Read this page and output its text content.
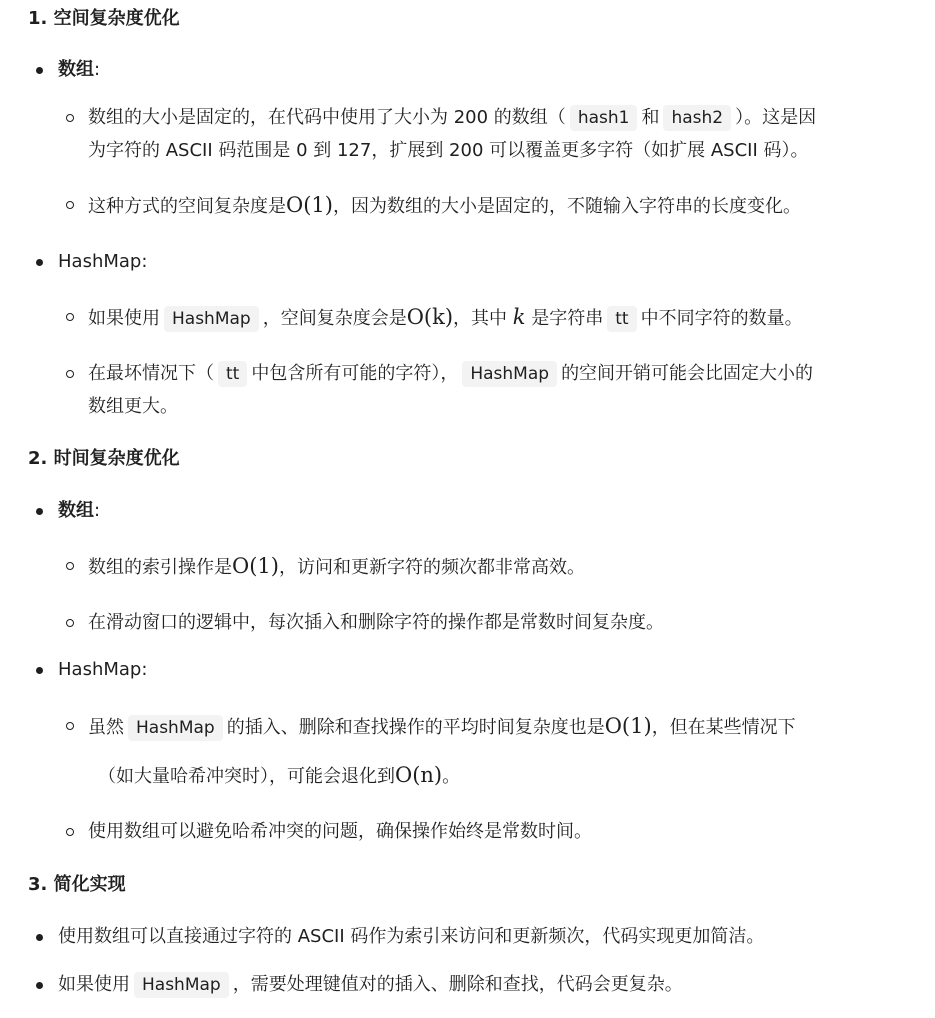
1. 空间复杂度优化
数组:
数组的大小是固定的，在代码中使用了大小为 200 的数组（ hash1 和 hash2 ）。这是因
为字符的 ASCII 码范围是 0 到 127，扩展到 200 可以覆盖更多字符（如扩展 ASCII 码）。
这种方式的空间复杂度是O(1)，因为数组的大小是固定的，不随输入字符串的长度变化。
HashMap:
如果使用 HashMap ，空间复杂度会是O(k)，其中 k 是字符串 tt 中不同字符的数量。
在最坏情况下（ tt 中包含所有可能的字符）， HashMap 的空间开销可能会比固定大小的
数组更大。
2. 时间复杂度优化
数组:
数组的索引操作是O(1)，访问和更新字符的频次都非常高效。
在滑动窗口的逻辑中，每次插入和删除字符的操作都是常数时间复杂度。
HashMap:
虽然 HashMap 的插入、删除和查找操作的平均时间复杂度也是O(1)，但在某些情况下
（如大量哈希冲突时），可能会退化到O(n)。
使用数组可以避免哈希冲突的问题，确保操作始终是常数时间。
3. 简化实现
使用数组可以直接通过字符的 ASCII 码作为索引来访问和更新频次，代码实现更加简洁。
如果使用 HashMap ，需要处理键值对的插入、删除和查找，代码会更复杂。
